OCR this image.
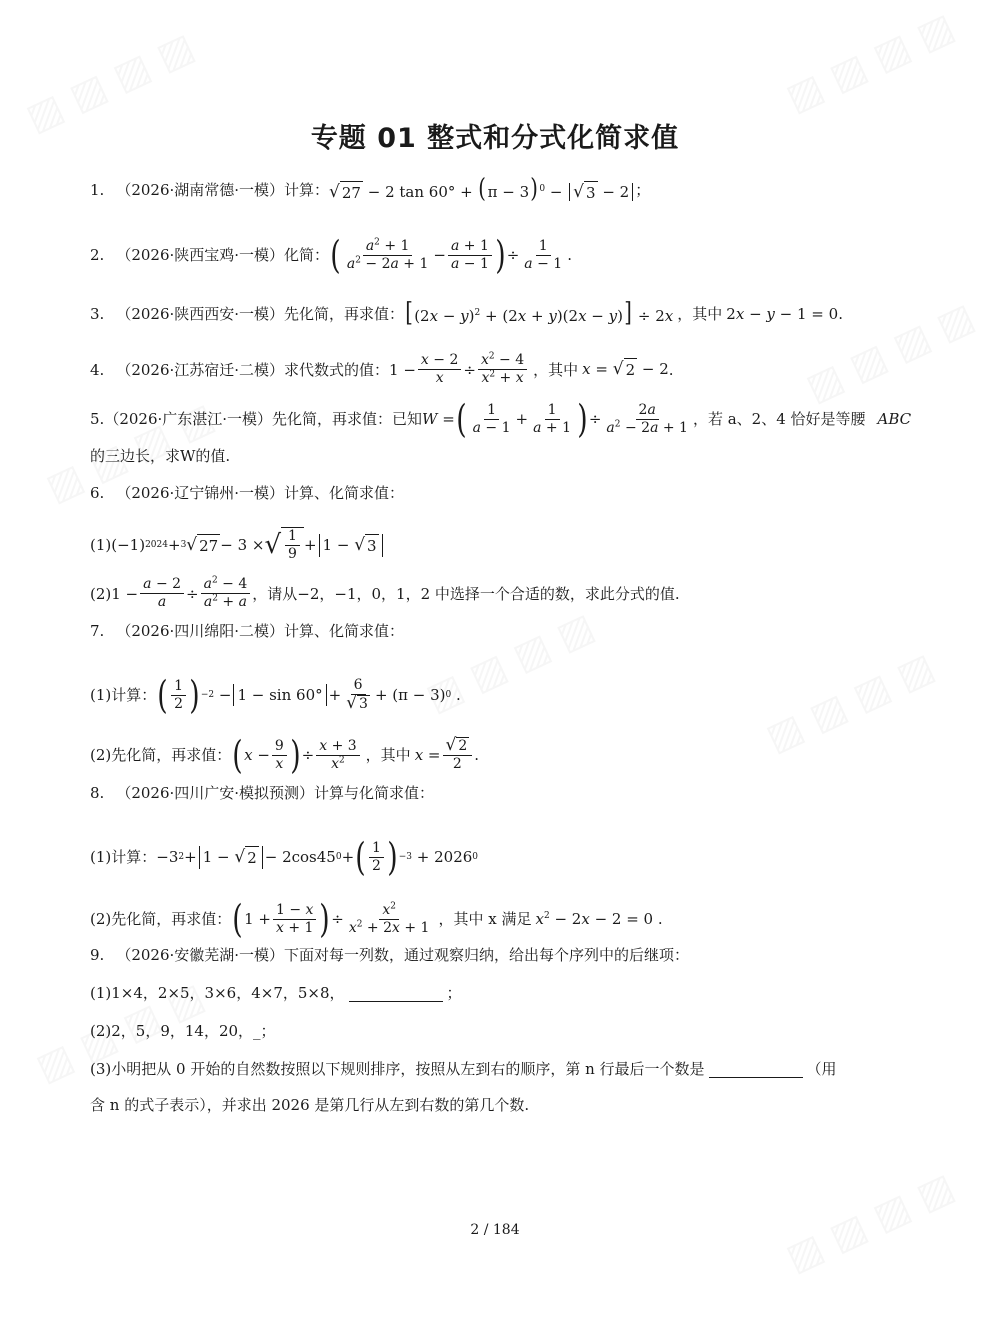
专题 01 整式和分式化简求值
1. （2026·湖南常德·一模）计算： √ 27 − 2 $\tan 60^\circ + (\pi - 3)^0$ − √ 3 − 2 ；
2. （2026·陕西宝鸡·一模）化简： ( $\frac{a^2 + 1}{a^2 - 2a + 1} - \frac{a + 1}{a - 1}$ ) ÷ $\frac{1}{a - 1}$ .
3. （2026·陕西西安·一模）先化简，再求值： $[(2x - y)^2 + (2x + y)(2x - y)] \div 2x$ ，其中 2x − y − 1 = 0 .
4. （2026·江苏宿迁·二模）求代数式的值： $1 - \frac{x - 2}{x} \div \frac{x^2 - 4}{x^2 + x}$ ，其中 x = √ 2 − 2 .
5. （2026·广东湛江·一模）先化简，再求值：已知 W = ( $\frac{1}{a - 1} + \frac{1}{a + 1}$ ) ÷ $\frac{2a}{a^2 - 2a + 1}$ ，若 a、2、4 恰好是等腰 ABC
的三边长，求W的值.
6. （2026·辽宁锦州·一模）计算、化简求值：
(1)(−1) 2024 + 3 √ 27 − 3 × √ $\frac{1}{9} + 1$ − √ 3
$(2)1 - \frac{a - 2}{a} \div \frac{a^2 - 4}{a^2 + a}$ ，请从−2，−1，0，1，2 中选择一个合适的数，求此分式的值.
7. （2026·四川绵阳·二模）计算、化简求值：
(1)计算： ( $\frac{1}{2}$ ) $-2 - 1 - \sin 60^\circ + \frac{6}{√ 3} + (\pi - 3)$ 0 .
(2)先化简，再求值： ( $x - \frac{9}{x}$ ) ÷ $\frac{x + 3}{x^2}$ ，其中 $x = \frac{√ 2}{2}$ .
8. （2026·四川广安·模拟预测）计算与化简求值：
(1)计算： −3 2 + 1 − √ 2 − 2cos45 0 + ( $\frac{1}{2}$ ) −3 + 2026 0
(2)先化简，再求值： ( $1 + \frac{1 - x}{x + 1}$ ) ÷ $\frac{x^2}{x^2 + 2x + 1}$ ，其中 x 满足 $x^2 - 2x - 2 = 0$ .
9. （2026·安徽芜湖·一模）下面对每一列数，通过观察归纳，给出每个序列中的后继项：
(1)1×4，2×5，3×6，4×7，5×8，	；
(2)2，5，9，14，20，_；
(3)小明把从 0 开始的自然数按照以下规则排序，按照从左到右的顺序，第 n 行最后一个数是	（用
含 n 的式子表示），并求出 2026 是第几行从左到右数的第几个数.
2 / 184
